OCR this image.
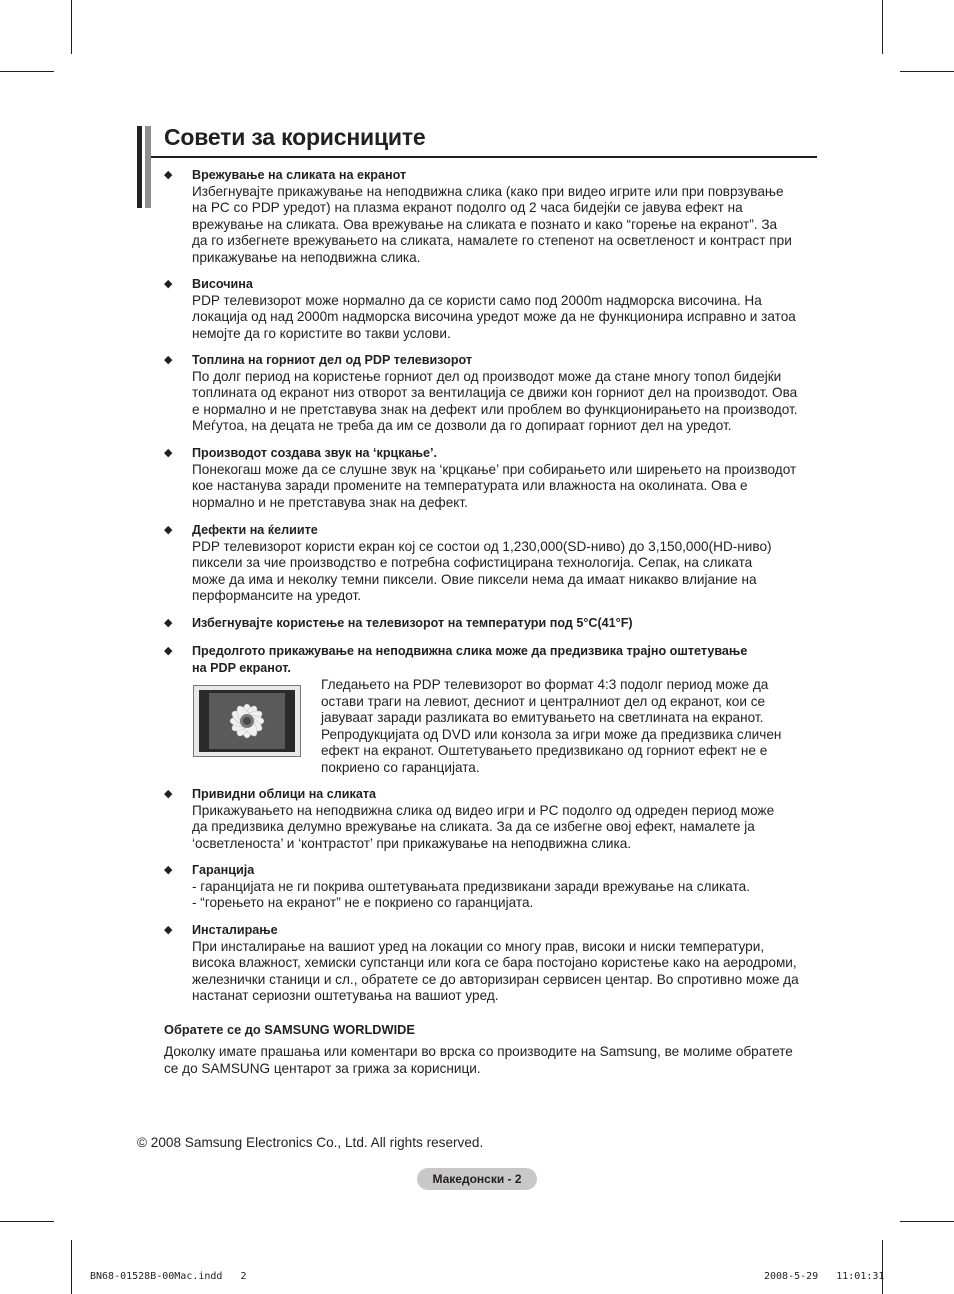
Совети за корисниците
◆ Врежување на сликата на екранот
Избегнувајте прикажување на неподвижна слика (како при видео игрите или при поврзување
на PC со PDP уредот) на плазма екранот подолго од 2 часа бидејќи се јавува ефект на
врежување на сликата. Ова врежување на сликата е познато и како “горење на екранот”. За
да го избегнете врежувањето на сликата, намалете го степенот на осветленост и контраст при
прикажување на неподвижна слика.
◆ Височина
PDP телевизорот може нормално да се користи само под 2000m надморска височина. На
локација од над 2000m надморска височина уредот може да не функционира исправно и затоа
немојте да го користите во такви услови.
◆ Топлина на горниот дел од PDP телевизорот
По долг период на користење горниот дел од производот може да стане многу топол бидејќи
топлината од екранот низ отворот за вентилација се движи кон горниот дел на производот. Ова
е нормално и не претставува знак на дефект или проблем во функционирањето на производот.
Меѓутоа, на децата не треба да им се дозволи да го допираат горниот дел на уредот.
◆ Производот создава звук на ‘крцкање’.
Понекогаш може да се слушне звук на ‘крцкање’ при собирањето или ширењето на производот
кое настанува заради промените на температурата или влажноста на околината. Ова е
нормално и не претставува знак на дефект.
◆ Дефекти на ќелиите
PDP телевизорот користи екран кој се состои од 1,230,000(SD-ниво) до 3,150,000(HD-ниво)
пиксели за чие производство е потребна софистицирана технологија. Сепак, на сликата
може да има и неколку темни пиксели. Овие пиксели нема да имаат никакво влијание на
перформансите на уредот.
◆ Избегнувајте користење на телевизорот на температури под 5°C(41°F)
◆ Предолгото прикажување на неподвижна слика може да предизвика трајно оштетување
на PDP екранот.
Гледањето на PDP телевизорот во формат 4:3 подолг период може да
остави траги на левиот, десниот и централниот дел од екранот, кои се
јавуваат заради разликата во емитувањето на светлината на екранот.
Репродукцијата од DVD или конзола за игри може да предизвика сличен
ефект на екранот. Оштетувањето предизвикано од горниот ефект не е
покриено со гаранцијата.
◆ Привидни облици на сликата
Прикажувањето на неподвижна слика од видео игри и PC подолго од одреден период може
да предизвика делумно врежување на сликата. За да се избегне овој ефект, намалете ја
‘осветленоста’ и ‘контрастот’ при прикажување на неподвижна слика.
◆ Гаранција
- гаранцијата не ги покрива оштетувањата предизвикани заради врежување на сликата.
- “горењето на екранот” не е покриено со гаранцијата.
◆ Инсталирање
При инсталирање на вашиот уред на локации со многу прав, високи и ниски температури,
висока влажност, хемиски супстанци или кога се бара постојано користење како на аеродроми,
железнички станици и сл., обратете се до авторизиран сервисен центар. Во спротивно може да
настанат сериозни оштетувања на вашиот уред.
Обратете се до SAMSUNG WORLDWIDE
Доколку имате прашања или коментари во врска со производите на Samsung, ве молиме обратете
се до SAMSUNG центарот за грижа за корисници.
© 2008 Samsung Electronics Co., Ltd. All rights reserved.
Македонски - 2
BN68-01528B-00Mac.indd   2	2008-5-29   11:01:31
